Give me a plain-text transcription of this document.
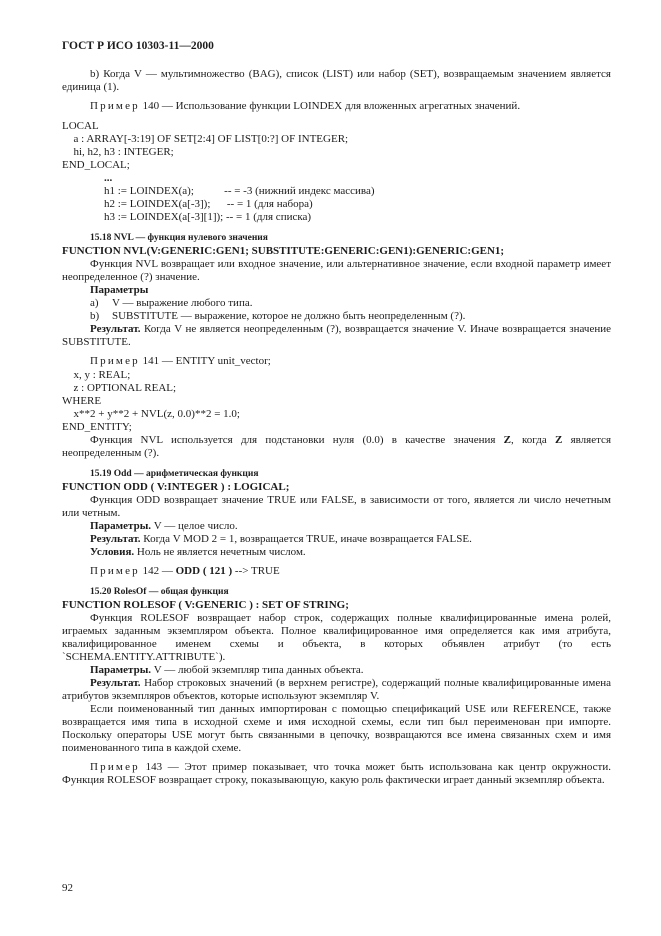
ГОСТ Р ИСО 10303-11—2000

b) Когда V — мультимножество (BAG), список (LIST) или набор (SET), возвращаемым значением является единица (1).

Пример 140 — Использование функции LOINDEX для вложенных агрегатных значений.

LOCAL
a : ARRAY[-3:19] OF SET[2:4] OF LIST[0:?] OF INTEGER;
hi, h2, h3 : INTEGER;
END_LOCAL;
...
h1 := LOINDEX(a);           -- = -3 (нижний индекс массива)
h2 := LOINDEX(a[-3]);      -- = 1 (для набора)
h3 := LOINDEX(a[-3][1]); -- = 1 (для списка)

15.18 NVL — функция нулевого значения

FUNCTION NVL(V:GENERIC:GEN1; SUBSTITUTE:GENERIC:GEN1):GENERIC:GEN1;

Функция NVL возвращает или входное значение, или альтернативное значение, если входной параметр имеет неопределенное (?) значение.

Параметры

a) V — выражение любого типа.

b) SUBSTITUTE — выражение, которое не должно быть неопределенным (?).

Результат. Когда V не является неопределенным (?), возвращается значение V. Иначе возвращается значение SUBSTITUTE.

Пример 141 — ENTITY unit_vector;

x, y : REAL;
z : OPTIONAL REAL;
WHERE
x**2 + y**2 + NVL(z, 0.0)**2 = 1.0;
END_ENTITY;

Функция NVL используется для подстановки нуля (0.0) в качестве значения Z, когда Z является неопределенным (?).

15.19 Odd — арифметическая функция

FUNCTION ODD ( V:INTEGER ) : LOGICAL;

Функция ODD возвращает значение TRUE или FALSE, в зависимости от того, является ли число нечетным или четным.

Параметры. V — целое число.

Результат. Когда V MOD 2 = 1, возвращается TRUE, иначе возвращается FALSE.

Условия. Ноль не является нечетным числом.

Пример 142 — ODD ( 121 ) --> TRUE

15.20 RolesOf — общая функция

FUNCTION ROLESOF ( V:GENERIC ) : SET OF STRING;

Функция ROLESOF возвращает набор строк, содержащих полные квалифицированные имена ролей, играемых заданным экземпляром объекта. Полное квалифицированное имя определяется как имя атрибута, квалифицированное именем схемы и объекта, в которых объявлен атрибут (то есть `SCHEMA.ENTITY.ATTRIBUTE`).

Параметры. V — любой экземпляр типа данных объекта.

Результат. Набор строковых значений (в верхнем регистре), содержащий полные квалифицированные имена атрибутов экземпляров объектов, которые используют экземпляр V.

Если поименованный тип данных импортирован с помощью спецификаций USE или REFERENCE, также возвращается имя типа в исходной схеме и имя исходной схемы, если тип был переименован при импорте. Поскольку операторы USE могут быть связанными в цепочку, возвращаются все имена связанных схем и имя поименованного типа в каждой схеме.

Пример 143 — Этот пример показывает, что точка может быть использована как центр окружности. Функция ROLESOF возвращает строку, показывающую, какую роль фактически играет данный экземпляр объекта.

92
